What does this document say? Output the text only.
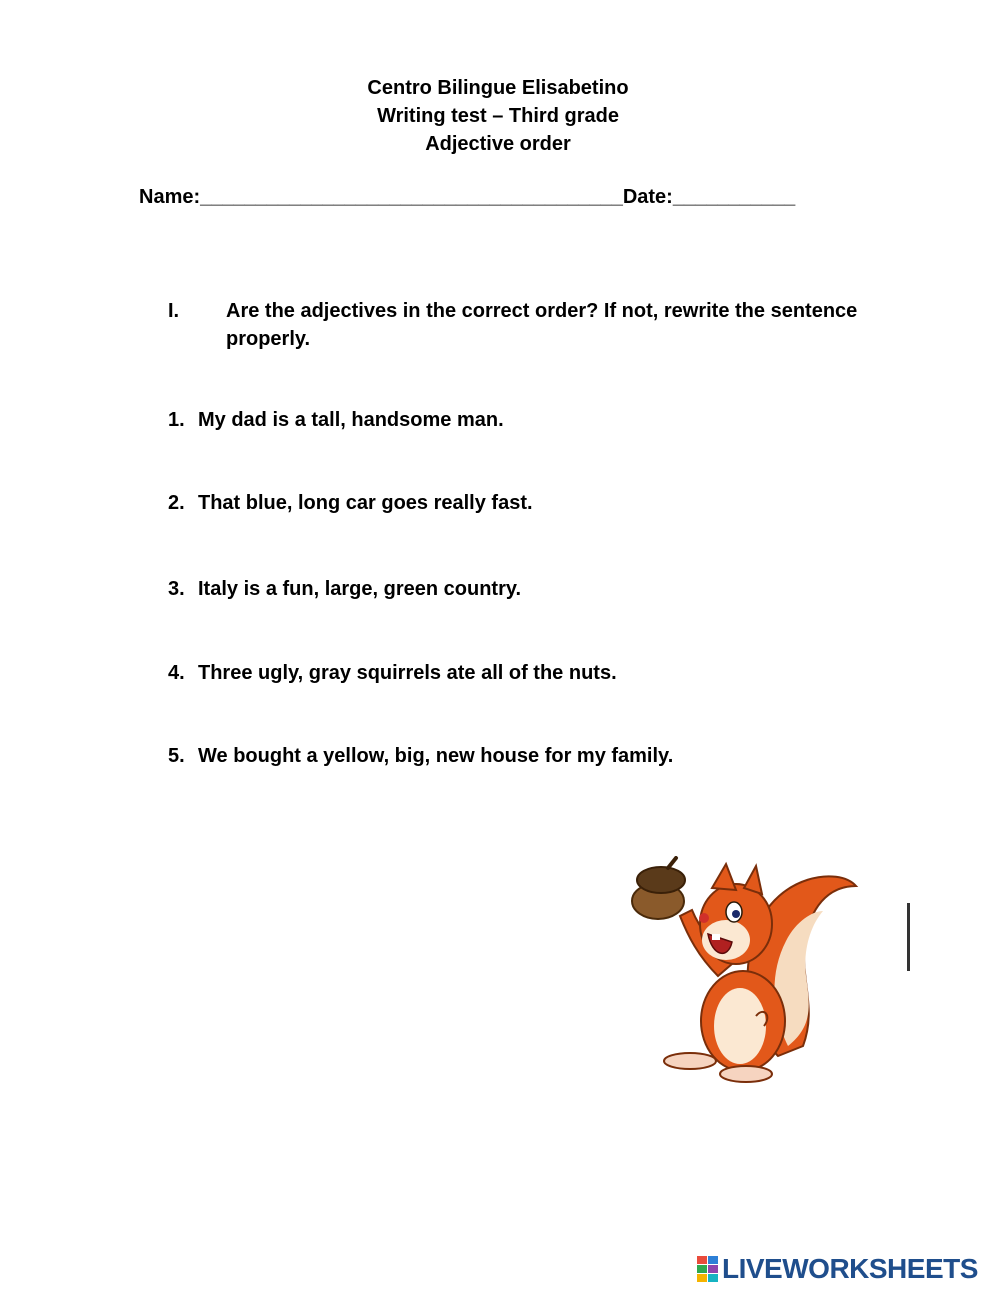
Centro Bilingue Elisabetino
Writing test – Third grade
Adjective order
Name:______________________________________Date:___________
I. Are the adjectives in the correct order? If not, rewrite the sentence properly.
1. My dad is a tall, handsome man.
2. That blue, long car goes really fast.
3. Italy is a fun, large, green country.
4. Three ugly, gray squirrels ate all of the nuts.
5. We bought a yellow, big, new house for my family.
LIVEWORKSHEETS
